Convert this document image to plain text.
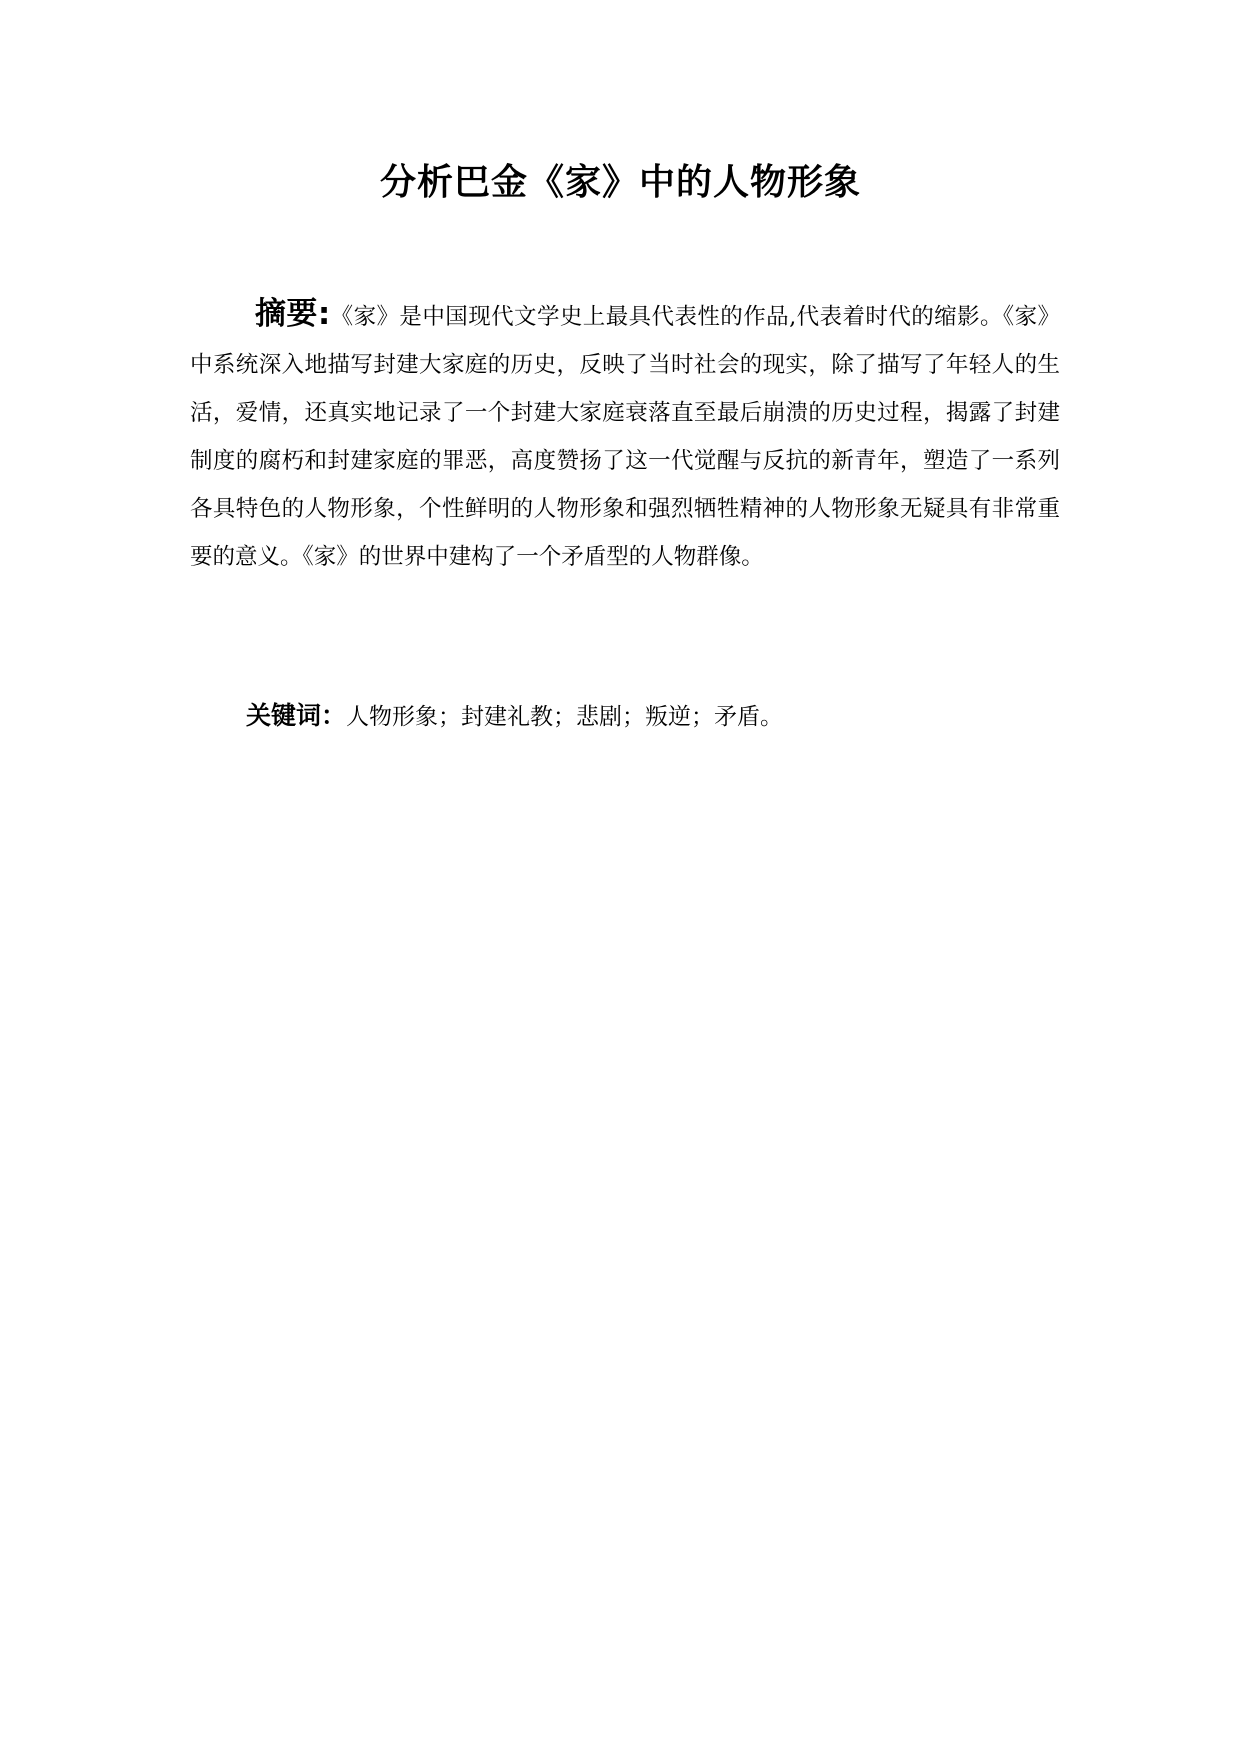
分析巴金《家》中的人物形象
摘要:《家》是中国现代文学史上最具代表性的作品,代表着时代的缩影。《家》中系统深入地描写封建大家庭的历史，反映了当时社会的现实，除了描写了年轻人的生活，爱情，还真实地记录了一个封建大家庭衰落直至最后崩溃的历史过程，揭露了封建制度的腐朽和封建家庭的罪恶，高度赞扬了这一代觉醒与反抗的新青年，塑造了一系列各具特色的人物形象，个性鲜明的人物形象和强烈牺牲精神的人物形象无疑具有非常重要的意义。《家》的世界中建构了一个矛盾型的人物群像。
关键词：人物形象；封建礼教；悲剧；叛逆；矛盾。
